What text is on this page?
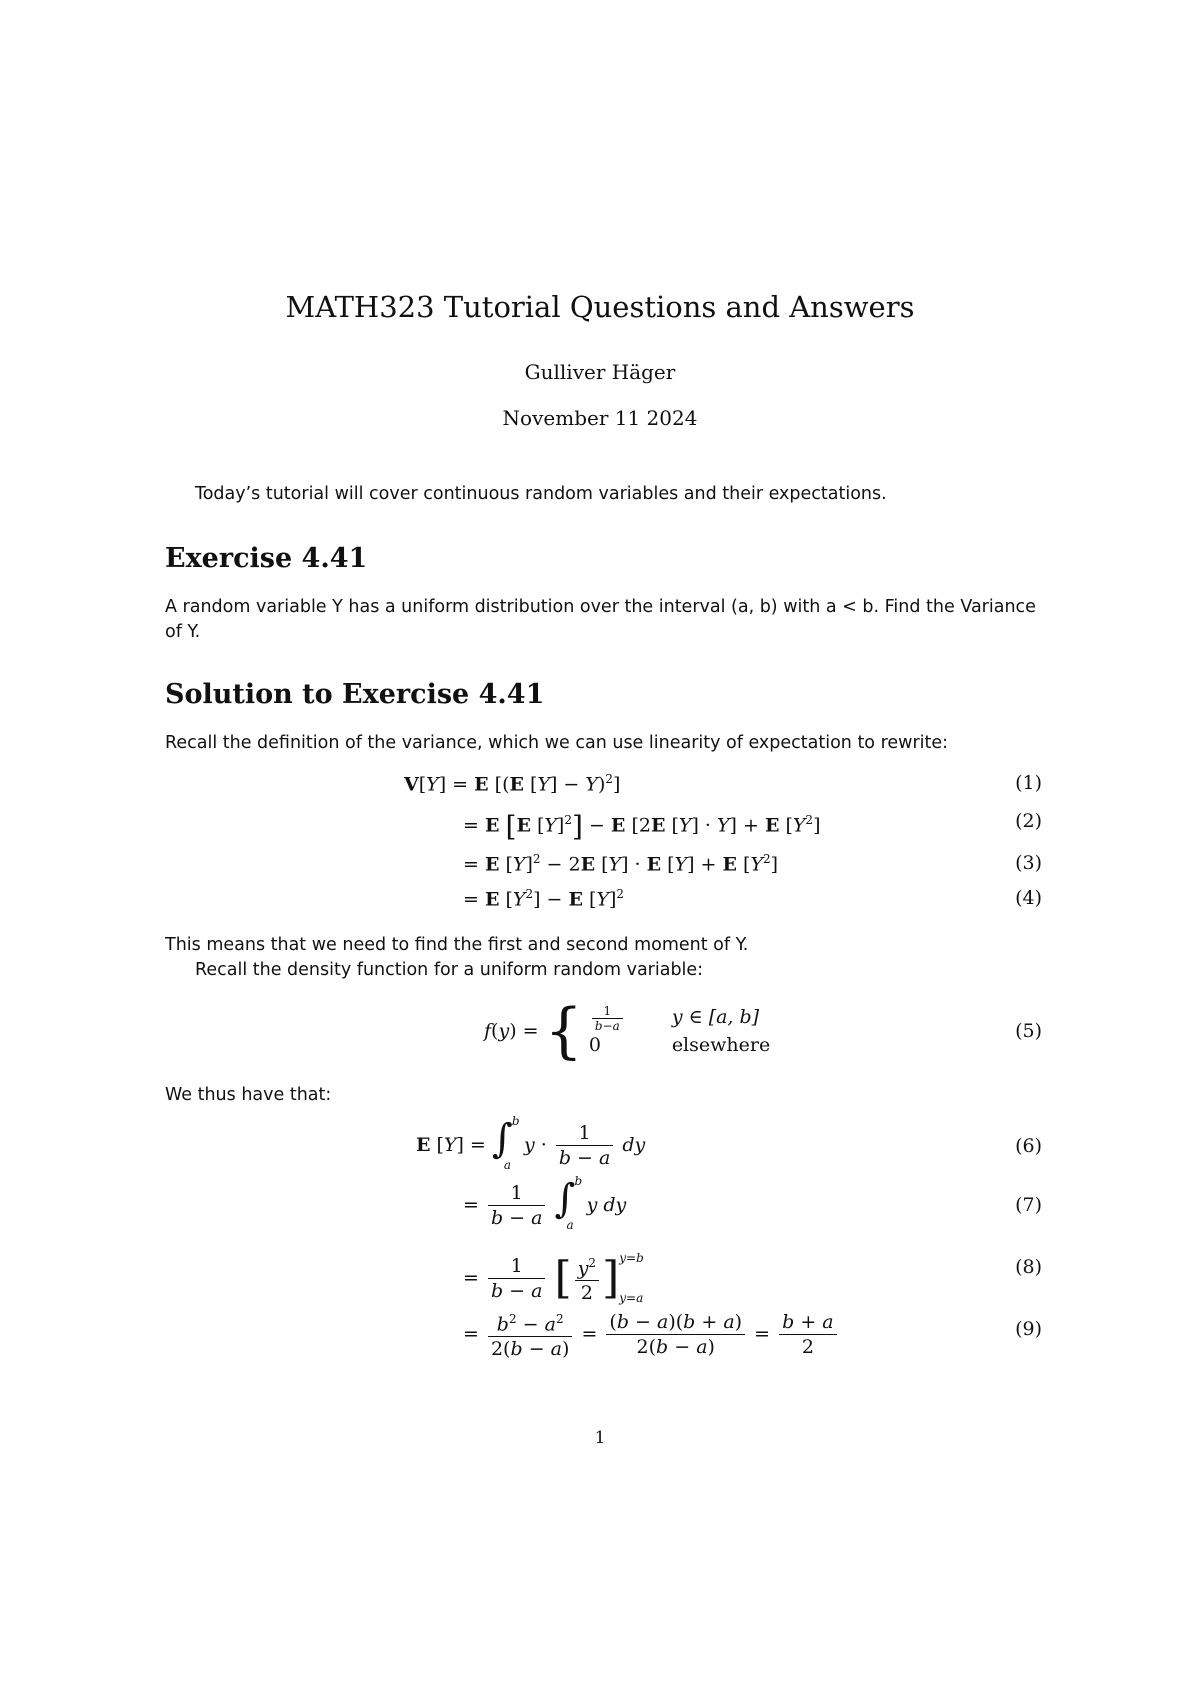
MATH323 Tutorial Questions and Answers
Gulliver Häger
November 11 2024
Today’s tutorial will cover continuous random variables and their expectations.
Exercise 4.41
A random variable Y has a uniform distribution over the interval (a, b) with a < b. Find the Variance
of Y.
Solution to Exercise 4.41
Recall the definition of the variance, which we can use linearity of expectation to rewrite:
V[Y] = E [(E [Y] − Y)$^2$]	(1)
= E [E $[Y]^2] - E$ [2E [Y] · Y] + E $[Y^2]$	(2)
= E $[Y]^2 - 2E$ [Y] · E [Y] + E $[Y^2]$	(3)
= E $[Y^2] - E$ $[Y]^2$	(4)
This means that we need to find the first and second moment of Y.
Recall the density function for a uniform random variable:
f(y) = { $\frac{1}{b-a}$
0

y ∈ [a, b]
elsewhere
(5)
We thus have that:
E [Y] = ∫ b
a
$y \cdot \frac{1}{b - a}$ dy	(6)
= $\frac{1}{b - a}$
∫ b
a
y dy	(7)
= $\frac{1}{b - a}$ [ $\frac{y^2}{2} ]y=b$
y=a
(8)
= $\frac{b^2 - a^2}{2(b - a)} = \frac{(b - a)(b + a)}{2(b - a)} = \frac{b + a}{2}$	(9)
1
